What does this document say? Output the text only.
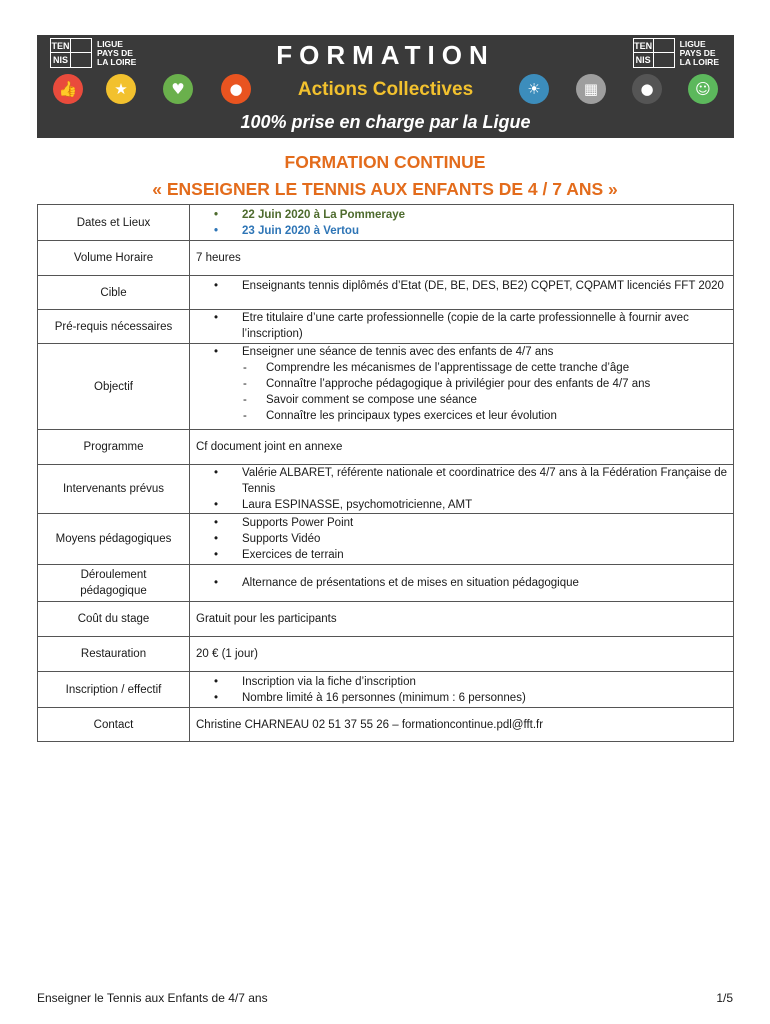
TEN
NIS
LIGUE
PAYS DE
LA LOIRE
TEN
NIS
LIGUE
PAYS DE
LA LOIRE
FORMATION
Actions Collectives
100% prise en charge par la Ligue
👍	★	♥	●	☀	▦	●	☺
FORMATION CONTINUE
« ENSEIGNER LE TENNIS AUX ENFANTS DE 4 / 7 ANS »
Dates et Lieux	• 22 Juin 2020 à La Pommeraye
• 23 Juin 2020 à Vertou

Volume Horaire	7 heures
Cible	• Enseignants tennis diplômés d’Etat (DE, BE, DES, BE2) CQPET, CQPAMT licenciés FFT 2020

Pré-requis nécessaires	• Etre titulaire d’une carte professionnelle (copie de la carte professionnelle à fournir avec l’inscription)

Objectif	• Enseigner une séance de tennis avec des enfants de 4/7 ans
- Comprendre les mécanismes de l’apprentissage de cette tranche d’âge
- Connaître l’approche pédagogique à privilégier pour des enfants de 4/7 ans
- Savoir comment se compose une séance
- Connaître les principaux types exercices et leur évolution

Programme	Cf document joint en annexe
Intervenants prévus	• Valérie ALBARET, référente nationale et coordinatrice des 4/7 ans à la Fédération Française de Tennis
• Laura ESPINASSE, psychomotricienne, AMT

Moyens pédagogiques	• Supports Power Point
• Supports Vidéo
• Exercices de terrain

Déroulement
pédagogique	• Alternance de présentations et de mises en situation pédagogique

Coût du stage	Gratuit pour les participants
Restauration	20 € (1 jour)
Inscription / effectif	• Inscription via la fiche d’inscription
• Nombre limité à 16 personnes (minimum : 6 personnes)

Contact	Christine CHARNEAU 02 51 37 55 26 – formationcontinue.pdl@fft.fr
Enseigner le Tennis aux Enfants de 4/7 ans	1/5
